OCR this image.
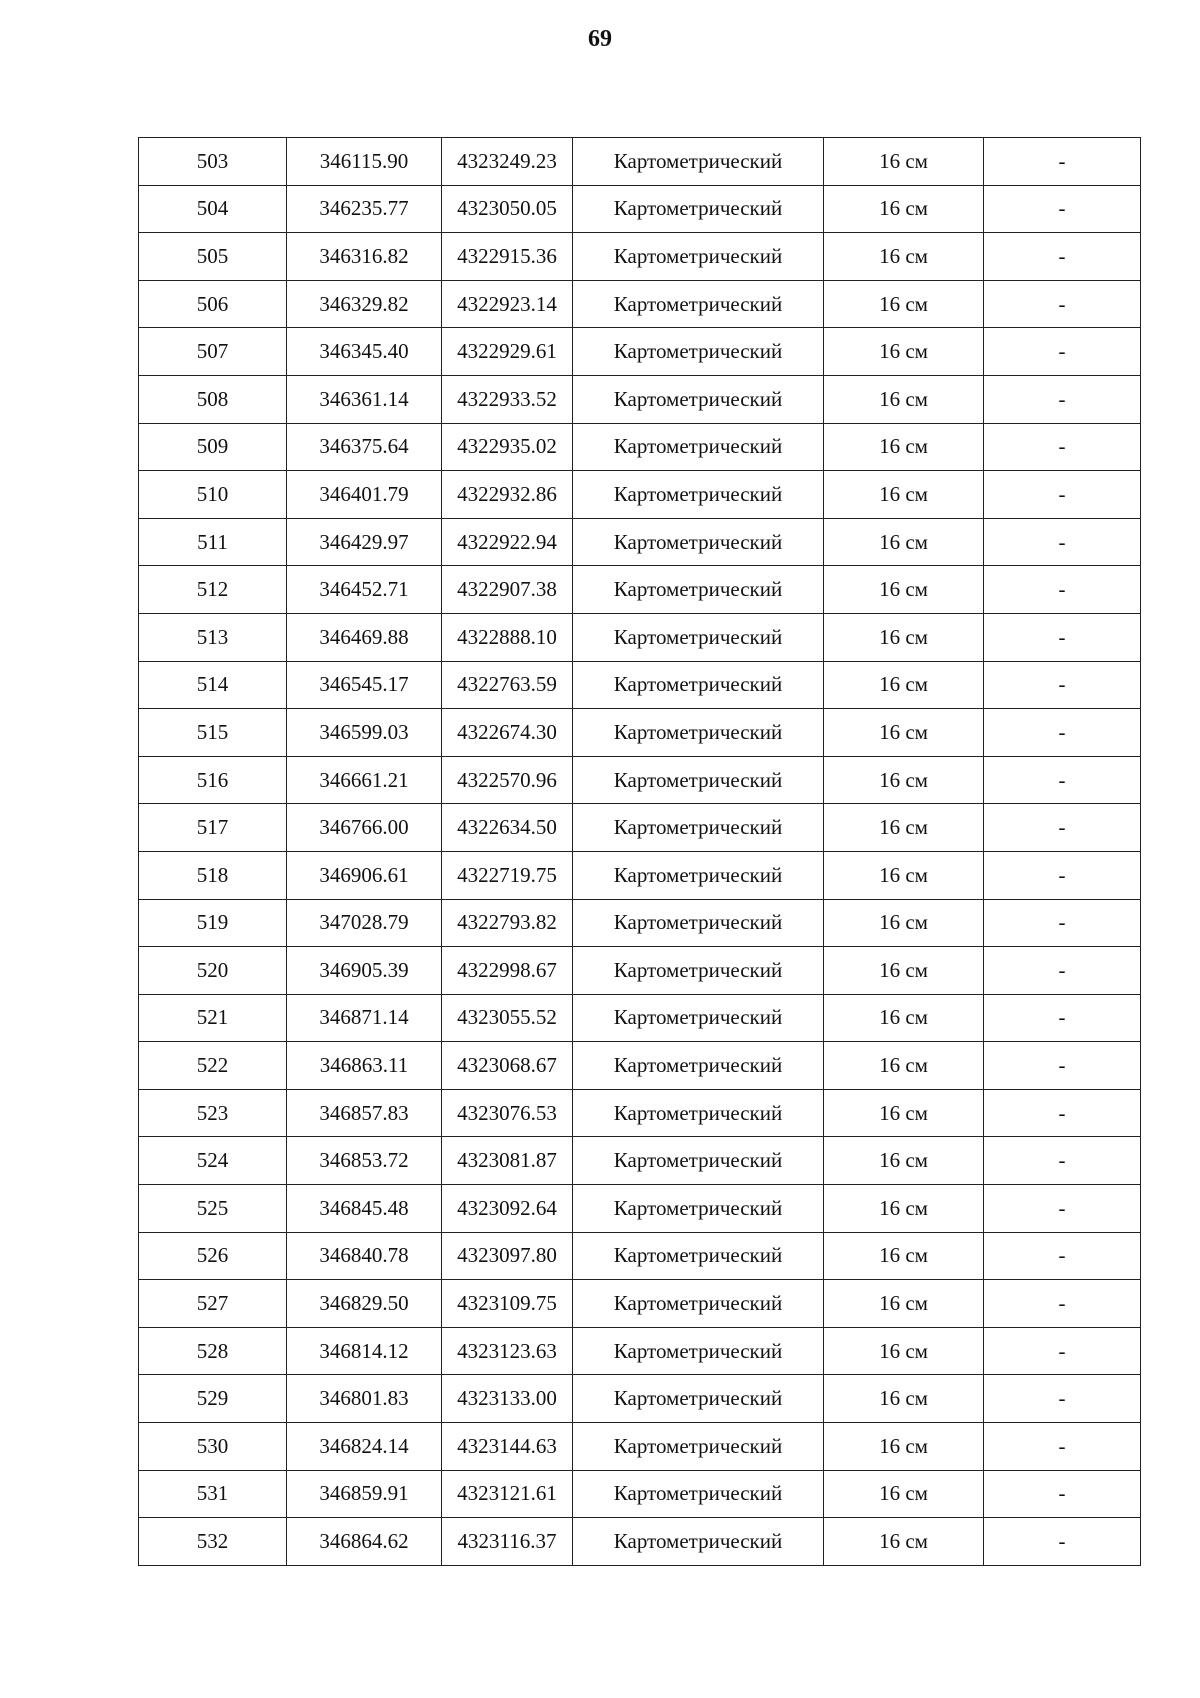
69
503	346115.90	4323249.23	Картометрический	16 см	-
504	346235.77	4323050.05	Картометрический	16 см	-
505	346316.82	4322915.36	Картометрический	16 см	-
506	346329.82	4322923.14	Картометрический	16 см	-
507	346345.40	4322929.61	Картометрический	16 см	-
508	346361.14	4322933.52	Картометрический	16 см	-
509	346375.64	4322935.02	Картометрический	16 см	-
510	346401.79	4322932.86	Картометрический	16 см	-
511	346429.97	4322922.94	Картометрический	16 см	-
512	346452.71	4322907.38	Картометрический	16 см	-
513	346469.88	4322888.10	Картометрический	16 см	-
514	346545.17	4322763.59	Картометрический	16 см	-
515	346599.03	4322674.30	Картометрический	16 см	-
516	346661.21	4322570.96	Картометрический	16 см	-
517	346766.00	4322634.50	Картометрический	16 см	-
518	346906.61	4322719.75	Картометрический	16 см	-
519	347028.79	4322793.82	Картометрический	16 см	-
520	346905.39	4322998.67	Картометрический	16 см	-
521	346871.14	4323055.52	Картометрический	16 см	-
522	346863.11	4323068.67	Картометрический	16 см	-
523	346857.83	4323076.53	Картометрический	16 см	-
524	346853.72	4323081.87	Картометрический	16 см	-
525	346845.48	4323092.64	Картометрический	16 см	-
526	346840.78	4323097.80	Картометрический	16 см	-
527	346829.50	4323109.75	Картометрический	16 см	-
528	346814.12	4323123.63	Картометрический	16 см	-
529	346801.83	4323133.00	Картометрический	16 см	-
530	346824.14	4323144.63	Картометрический	16 см	-
531	346859.91	4323121.61	Картометрический	16 см	-
532	346864.62	4323116.37	Картометрический	16 см	-
